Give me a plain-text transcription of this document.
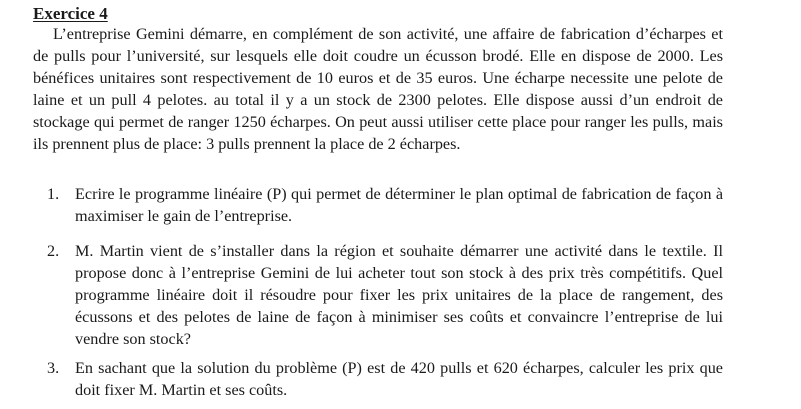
Exercice 4

L’entreprise Gemini démarre, en complément de son activité, une affaire de fabrication d’écharpes et de pulls pour l’université, sur lesquels elle doit coudre un écusson brodé. Elle en dispose de 2000. Les bénéfices unitaires sont respectivement de 10 euros et de 35 euros. Une écharpe necessite une pelote de laine et un pull 4 pelotes. au total il y a un stock de 2300 pelotes. Elle dispose aussi d’un endroit de stockage qui permet de ranger 1250 écharpes. On peut aussi utiliser cette place pour ranger les pulls, mais ils prennent plus de place: 3 pulls prennent la place de 2 écharpes.

1. Ecrire le programme linéaire (P) qui permet de déterminer le plan optimal de fabrication de façon à maximiser le gain de l’entreprise.
2. M. Martin vient de s’installer dans la région et souhaite démarrer une activité dans le textile. Il propose donc à l’entreprise Gemini de lui acheter tout son stock à des prix très compétitifs. Quel programme linéaire doit il résoudre pour fixer les prix unitaires de la place de rangement, des écussons et des pelotes de laine de façon à minimiser ses coûts et convaincre l’entreprise de lui vendre son stock?
3. En sachant que la solution du problème (P) est de 420 pulls et 620 écharpes, calculer les prix que doit fixer M. Martin et ses coûts.
